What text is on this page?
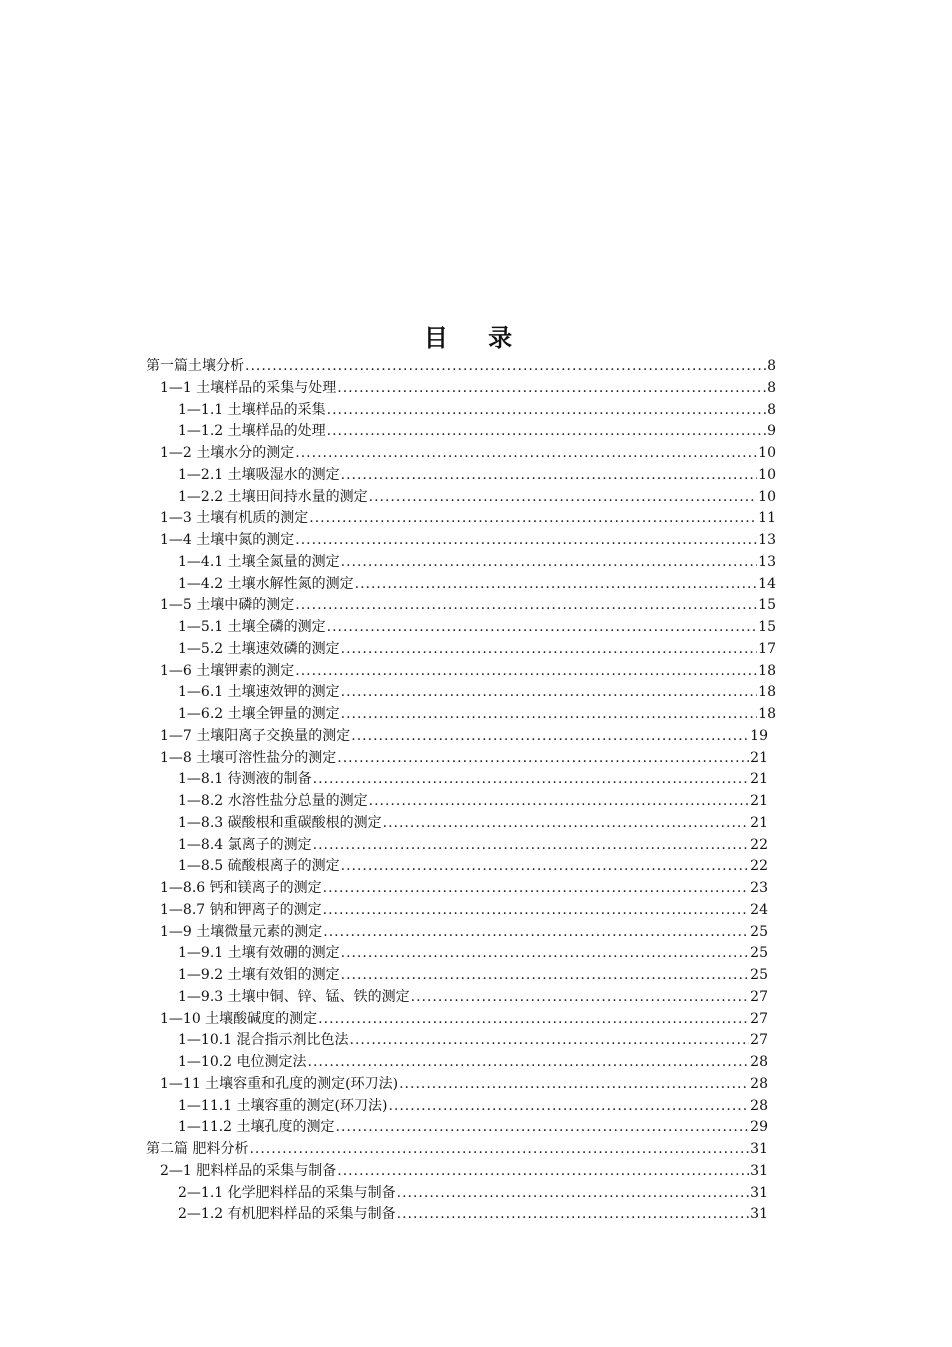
目 录
第一篇土壤分析 .....	8
1—1 土壤样品的采集与处理 .....	8
1—1.1 土壤样品的采集 .....	8
1—1.2 土壤样品的处理 .....	9
1—2 土壤水分的测定 .....	10
1—2.1 土壤吸湿水的测定 .....	10
1—2.2 土壤田间持水量的测定 .....	10
1—3 土壤有机质的测定 .....	11
1—4 土壤中氮的测定 .....	13
1—4.1 土壤全氮量的测定 .....	13
1—4.2 土壤水解性氮的测定 .....	14
1—5 土壤中磷的测定 .....	15
1—5.1 土壤全磷的测定 .....	15
1—5.2 土壤速效磷的测定 .....	17
1—6 土壤钾素的测定 .....	18
1—6.1 土壤速效钾的测定 .....	18
1—6.2 土壤全钾量的测定 .....	18
1—7 土壤阳离子交换量的测定 .....	19
1—8 土壤可溶性盐分的测定 .....	21
1—8.1 待测液的制备 .....	21
1—8.2 水溶性盐分总量的测定 .....	21
1—8.3 碳酸根和重碳酸根的测定 .....	21
1—8.4 氯离子的测定 .....	22
1—8.5 硫酸根离子的测定 .....	22
1—8.6 钙和镁离子的测定 .....	23
1—8.7 钠和钾离子的测定 .....	24
1—9 土壤微量元素的测定 .....	25
1—9.1 土壤有效硼的测定 .....	25
1—9.2 土壤有效钼的测定 .....	25
1—9.3 土壤中铜、锌、锰、铁的测定 .....	27
1—10 土壤酸碱度的测定 .....	27
1—10.1 混合指示剂比色法 .....	27
1—10.2 电位测定法 .....	28
1—11 土壤容重和孔度的测定(环刀法) .....	28
1—11.1 土壤容重的测定(环刀法) .....	28
1—11.2 土壤孔度的测定 .....	29
第二篇 肥料分析 .....	31
2—1 肥料样品的采集与制备 .....	31
2—1.1 化学肥料样品的采集与制备 .....	31
2—1.2 有机肥料样品的采集与制备 .....	31
